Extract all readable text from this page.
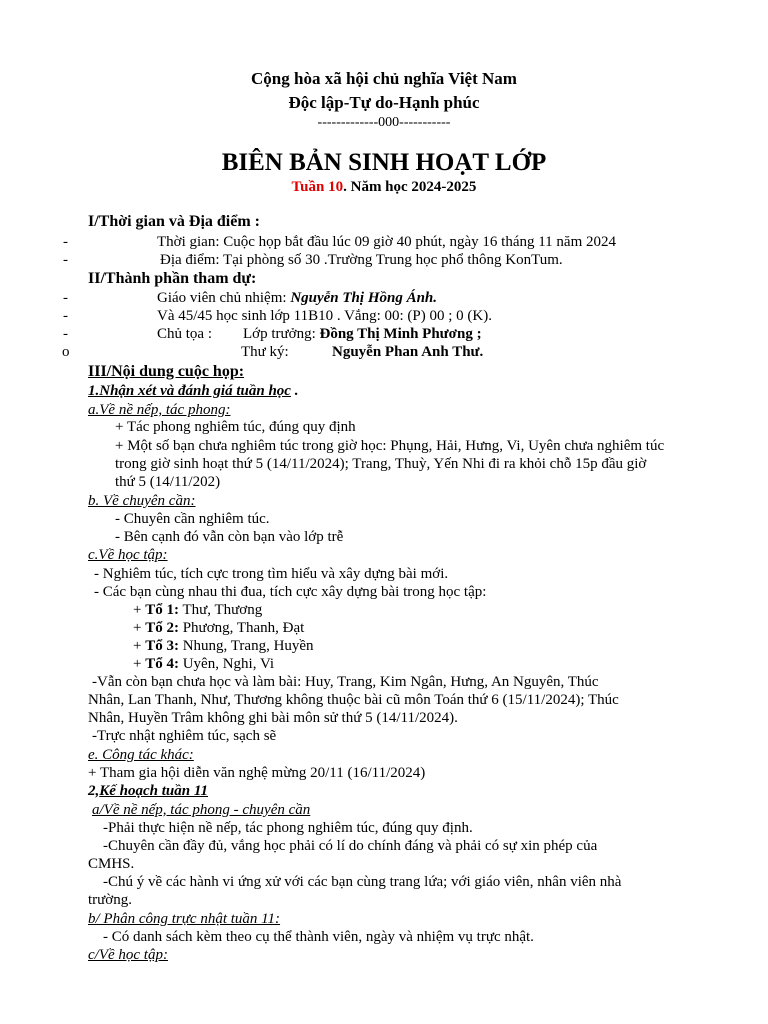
Cộng hòa xã hội chủ nghĩa Việt Nam
Độc lập-Tự do-Hạnh phúc
-------------000-----------
BIÊN BẢN SINH HOẠT LỚP
Tuần 10. Năm học 2024-2025
I/Thời gian và Địa điểm :
-	Thời gian: Cuộc họp bắt đầu lúc 09 giờ 40 phút, ngày 16 tháng 11 năm 2024
-	Địa điểm: Tại phòng số 30 .Trường Trung học phổ thông KonTum.
II/Thành phần tham dự:
-	Giáo viên chủ nhiệm: Nguyễn Thị Hồng Ánh.
-	Và 45/45 học sinh lớp 11B10 . Vắng: 00: (P) 00 ; 0 (K).
-	Chủ tọa : Lớp trưởng: Đồng Thị Minh Phương ;
o	Thư ký:	Nguyễn Phan Anh Thư.
III/Nội dung cuộc họp:
1.Nhận xét và đánh giá tuần học .
a.Về nề nếp, tác phong:
+ Tác phong nghiêm túc, đúng quy định
+ Một số bạn chưa nghiêm túc trong giờ học: Phụng, Hải, Hưng, Vi, Uyên chưa nghiêm túc
trong giờ sinh hoạt thứ 5 (14/11/2024); Trang, Thuỳ, Yến Nhi đi ra khỏi chỗ 15p đầu giờ
thứ 5 (14/11/202)
b. Về chuyên cần:
- Chuyên cần nghiêm túc.
- Bên cạnh đó vẫn còn bạn vào lớp trễ
c.Về học tập:
- Nghiêm túc, tích cực trong tìm hiểu và xây dựng bài mới.
- Các bạn cùng nhau thi đua, tích cực xây dựng bài trong học tập:
+ Tổ 1: Thư, Thương
+ Tổ 2: Phương, Thanh, Đạt
+ Tổ 3: Nhung, Trang, Huyền
+ Tổ 4: Uyên, Nghi, Vi
-Vẫn còn bạn chưa học và làm bài: Huy, Trang, Kim Ngân, Hưng, An Nguyên, Thúc
Nhân, Lan Thanh, Như, Thương không thuộc bài cũ môn Toán thứ 6 (15/11/2024); Thúc
Nhân, Huyền Trâm không ghi bài môn sử thứ 5 (14/11/2024).
-Trực nhật nghiêm túc, sạch sẽ
e. Công tác khác:
+ Tham gia hội diễn văn nghệ mừng 20/11 (16/11/2024)
2,Kế hoạch tuần 11
a/Về nề nếp, tác phong - chuyên cần
-Phải thực hiện nề nếp, tác phong nghiêm túc, đúng quy định.
-Chuyên cần đầy đủ, vắng học phải có lí do chính đáng và phải có sự xin phép của
CMHS.
-Chú ý về các hành vi ứng xử với các bạn cùng trang lứa; với giáo viên, nhân viên nhà
trường.
b/ Phân công trực nhật tuần 11:
- Có danh sách kèm theo cụ thể thành viên, ngày và nhiệm vụ trực nhật.
c/Về học tập:
